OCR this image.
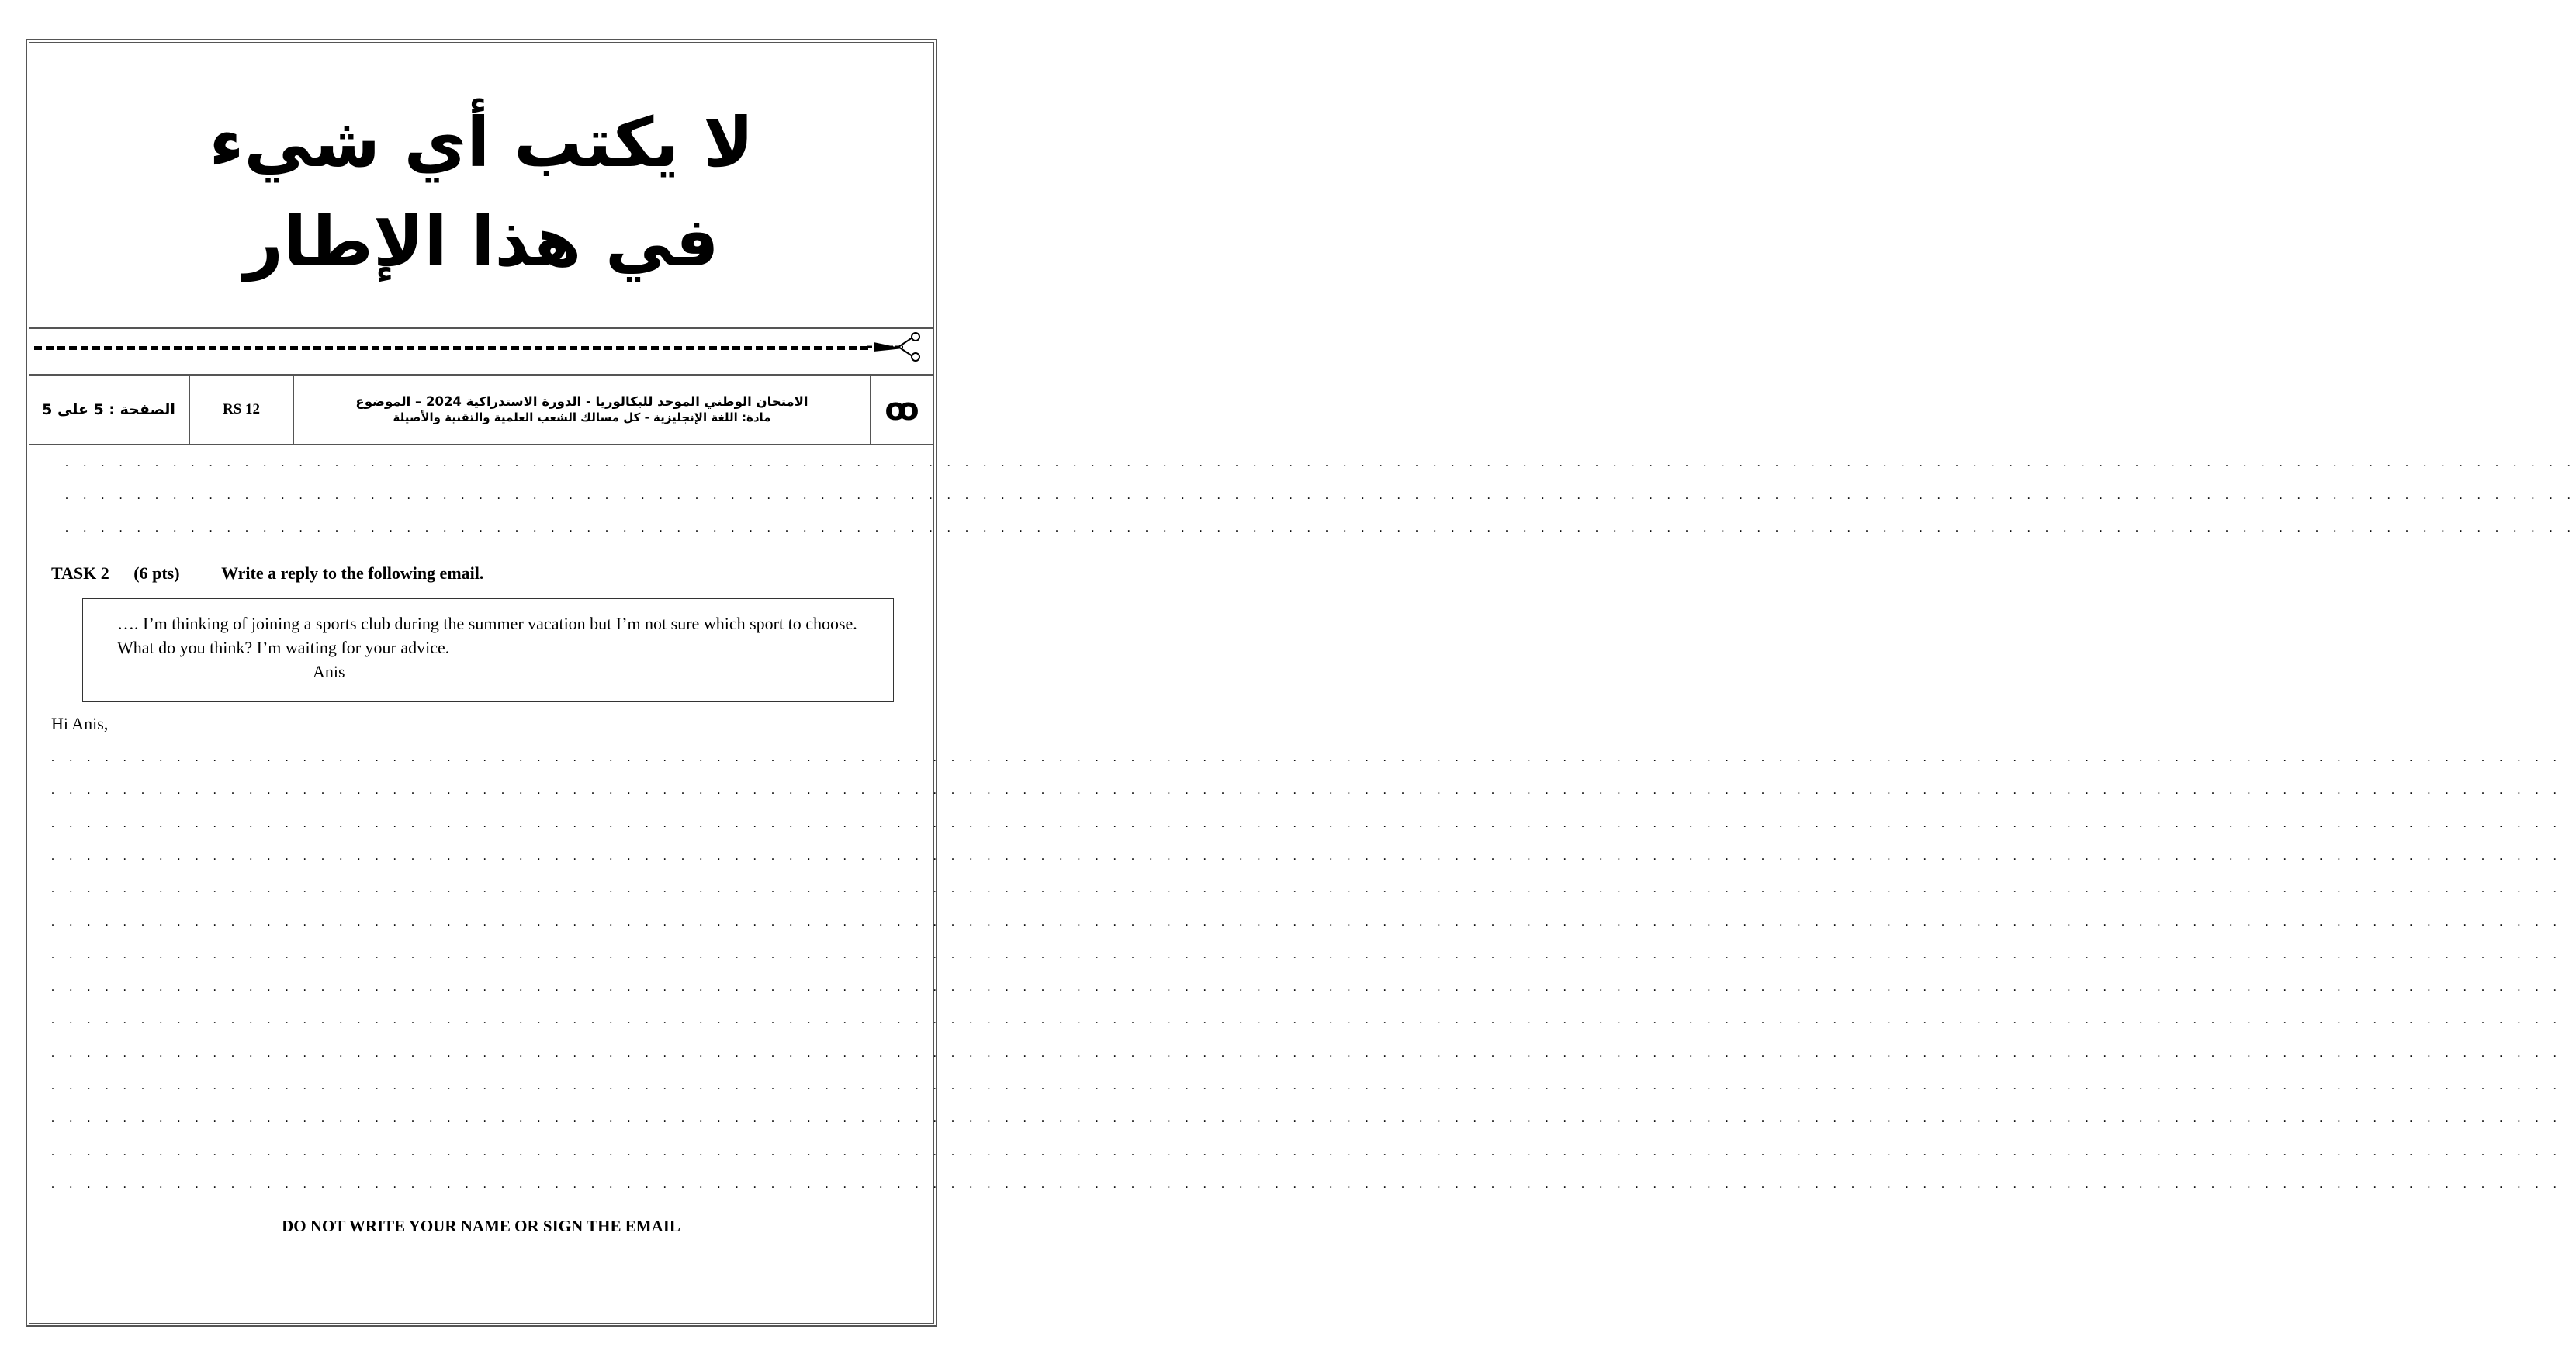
لا يكتب أي شيء
في هذا الإطار
الصفحة : 5 على 5	RS 12	الامتحان الوطني الموحد للبكالوريا - الدورة الاستدراكية 2024 – الموضوع
مادة: اللغة الإنجليزية - كل مسالك الشعب العلمية والتقنية والأصيلة	ꝏ
. . . . . . . . . . . . . . . . . . . . . . . . . . . . . . . . . . . . . . . . . . . . . . . . . . . . . . . . . . . . . . . . . . . . . . . . . . . . . . . . . . . . . . . . . . . . . . . . . . . . . . . . . . . . . . . . . . . . . . . . . . . . . . . . . . . . . . . . . . . .
. . . . . . . . . . . . . . . . . . . . . . . . . . . . . . . . . . . . . . . . . . . . . . . . . . . . . . . . . . . . . . . . . . . . . . . . . . . . . . . . . . . . . . . . . . . . . . . . . . . . . . . . . . . . . . . . . . . . . . . . . . . . . . . . . . . . . . . . . . . .
. . . . . . . . . . . . . . . . . . . . . . . . . . . . . . . . . . . . . . . . . . . . . . . . . . . . . . . . . . . . . . . . . . . . . . . . . . . . . . . . . . . . . . . . . . . . . . . . . . . . . . . . . . . . . . . . . . . . . . . . . . . . . . . . . . . . . . . . . . . .
TASK 2 (6 pts) Write a reply to the following email.
…. I’m thinking of joining a sports club during the summer vacation but I’m not sure which sport to choose. What do you think? I’m waiting for your advice.
Anis
Hi Anis,
. . . . . . . . . . . . . . . . . . . . . . . . . . . . . . . . . . . . . . . . . . . . . . . . . . . . . . . . . . . . . . . . . . . . . . . . . . . . . . . . . . . . . . . . . . . . . . . . . . . . . . . . . . . . . . . . . . . . . . . . . . . . . . . . . . . . . . . . . . . .
. . . . . . . . . . . . . . . . . . . . . . . . . . . . . . . . . . . . . . . . . . . . . . . . . . . . . . . . . . . . . . . . . . . . . . . . . . . . . . . . . . . . . . . . . . . . . . . . . . . . . . . . . . . . . . . . . . . . . . . . . . . . . . . . . . . . . . . . . . . .
. . . . . . . . . . . . . . . . . . . . . . . . . . . . . . . . . . . . . . . . . . . . . . . . . . . . . . . . . . . . . . . . . . . . . . . . . . . . . . . . . . . . . . . . . . . . . . . . . . . . . . . . . . . . . . . . . . . . . . . . . . . . . . . . . . . . . . . . . . . .
. . . . . . . . . . . . . . . . . . . . . . . . . . . . . . . . . . . . . . . . . . . . . . . . . . . . . . . . . . . . . . . . . . . . . . . . . . . . . . . . . . . . . . . . . . . . . . . . . . . . . . . . . . . . . . . . . . . . . . . . . . . . . . . . . . . . . . . . . . . .
. . . . . . . . . . . . . . . . . . . . . . . . . . . . . . . . . . . . . . . . . . . . . . . . . . . . . . . . . . . . . . . . . . . . . . . . . . . . . . . . . . . . . . . . . . . . . . . . . . . . . . . . . . . . . . . . . . . . . . . . . . . . . . . . . . . . . . . . . . . .
. . . . . . . . . . . . . . . . . . . . . . . . . . . . . . . . . . . . . . . . . . . . . . . . . . . . . . . . . . . . . . . . . . . . . . . . . . . . . . . . . . . . . . . . . . . . . . . . . . . . . . . . . . . . . . . . . . . . . . . . . . . . . . . . . . . . . . . . . . . .
. . . . . . . . . . . . . . . . . . . . . . . . . . . . . . . . . . . . . . . . . . . . . . . . . . . . . . . . . . . . . . . . . . . . . . . . . . . . . . . . . . . . . . . . . . . . . . . . . . . . . . . . . . . . . . . . . . . . . . . . . . . . . . . . . . . . . . . . . . . .
. . . . . . . . . . . . . . . . . . . . . . . . . . . . . . . . . . . . . . . . . . . . . . . . . . . . . . . . . . . . . . . . . . . . . . . . . . . . . . . . . . . . . . . . . . . . . . . . . . . . . . . . . . . . . . . . . . . . . . . . . . . . . . . . . . . . . . . . . . . .
. . . . . . . . . . . . . . . . . . . . . . . . . . . . . . . . . . . . . . . . . . . . . . . . . . . . . . . . . . . . . . . . . . . . . . . . . . . . . . . . . . . . . . . . . . . . . . . . . . . . . . . . . . . . . . . . . . . . . . . . . . . . . . . . . . . . . . . . . . . .
. . . . . . . . . . . . . . . . . . . . . . . . . . . . . . . . . . . . . . . . . . . . . . . . . . . . . . . . . . . . . . . . . . . . . . . . . . . . . . . . . . . . . . . . . . . . . . . . . . . . . . . . . . . . . . . . . . . . . . . . . . . . . . . . . . . . . . . . . . . .
. . . . . . . . . . . . . . . . . . . . . . . . . . . . . . . . . . . . . . . . . . . . . . . . . . . . . . . . . . . . . . . . . . . . . . . . . . . . . . . . . . . . . . . . . . . . . . . . . . . . . . . . . . . . . . . . . . . . . . . . . . . . . . . . . . . . . . . . . . . .
. . . . . . . . . . . . . . . . . . . . . . . . . . . . . . . . . . . . . . . . . . . . . . . . . . . . . . . . . . . . . . . . . . . . . . . . . . . . . . . . . . . . . . . . . . . . . . . . . . . . . . . . . . . . . . . . . . . . . . . . . . . . . . . . . . . . . . . . . . . .
. . . . . . . . . . . . . . . . . . . . . . . . . . . . . . . . . . . . . . . . . . . . . . . . . . . . . . . . . . . . . . . . . . . . . . . . . . . . . . . . . . . . . . . . . . . . . . . . . . . . . . . . . . . . . . . . . . . . . . . . . . . . . . . . . . . . . . . . . . . .
. . . . . . . . . . . . . . . . . . . . . . . . . . . . . . . . . . . . . . . . . . . . . . . . . . . . . . . . . . . . . . . . . . . . . . . . . . . . . . . . . . . . . . . . . . . . . . . . . . . . . . . . . . . . . . . . . . . . . . . . . . . . . . . . . . . . . . . . . . . .
DO NOT WRITE YOUR NAME OR SIGN THE EMAIL
